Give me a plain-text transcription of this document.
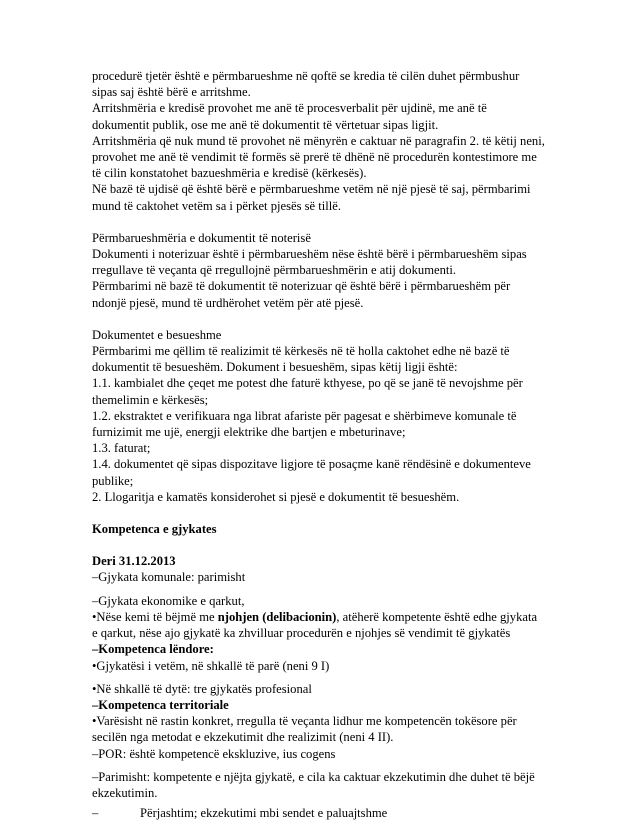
procedurë tjetër është e përmbarueshme në qoftë se kredia të cilën duhet përmbushur
sipas saj është bërë e arritshme.
Arritshmëria e kredisë provohet me anë të procesverbalit për ujdinë, me anë të
dokumentit publik, ose me anë të dokumentit të vërtetuar sipas ligjit.
Arritshmëria që nuk mund të provohet në mënyrën e caktuar në paragrafin 2. të këtij neni,
provohet me anë të vendimit të formës së prerë të dhënë në procedurën kontestimore me
të cilin konstatohet bazueshmëria e kredisë (kërkesës).
Në bazë të ujdisë që është bërë e përmbarueshme vetëm në një pjesë të saj, përmbarimi
mund të caktohet vetëm sa i përket pjesës së tillë.
Përmbarueshmëria e dokumentit të noterisë
Dokumenti i noterizuar është i përmbarueshëm nëse është bërë i përmbarueshëm sipas
rregullave të veçanta që rregullojnë përmbarueshmërin e atij dokumenti.
Përmbarimi në bazë të dokumentit të noterizuar që është bërë i përmbarueshëm për
ndonjë pjesë, mund të urdhërohet vetëm për atë pjesë.
Dokumentet e besueshme
Përmbarimi me qëllim të realizimit të kërkesës në të holla caktohet edhe në bazë të
dokumentit të besueshëm. Dokument i besueshëm, sipas këtij ligji është:
1.1. kambialet dhe çeqet me potest dhe faturë kthyese, po që se janë të nevojshme për
themelimin e kërkesës;
1.2. ekstraktet e verifikuara nga librat afariste për pagesat e shërbimeve komunale të
furnizimit me ujë, energji elektrike dhe bartjen e mbeturinave;
1.3. faturat;
1.4. dokumentet që sipas dispozitave ligjore të posaçme kanë rëndësinë e dokumenteve
publike;
2. Llogaritja e kamatës konsiderohet si pjesë e dokumentit të besueshëm.
Kompetenca e gjykates
Deri 31.12.2013
–Gjykata komunale: parimisht
–Gjykata ekonomike e qarkut,
•Nëse kemi të bëjmë me njohjen (delibacionin), atëherë kompetente është edhe gjykata
e qarkut, nëse ajo gjykatë ka zhvilluar procedurën e njohjes së vendimit të gjykatës
–Kompetenca lëndore:
•Gjykatësi i vetëm, në shkallë të parë (neni 9 I)
•Në shkallë të dytë: tre gjykatës profesional
–Kompetenca territoriale
•Varësisht në rastin konkret, rregulla të veçanta lidhur me kompetencën tokësore për
secilën nga metodat e ekzekutimit dhe realizimit (neni 4 II).
–POR: është kompetencë ekskluzive, ius cogens
–Parimisht: kompetente e njëjta gjykatë, e cila ka caktuar ekzekutimin dhe duhet të bëjë
ekzekutimin.
–	Përjashtim; ekzekutimi mbi sendet e paluajtshme
